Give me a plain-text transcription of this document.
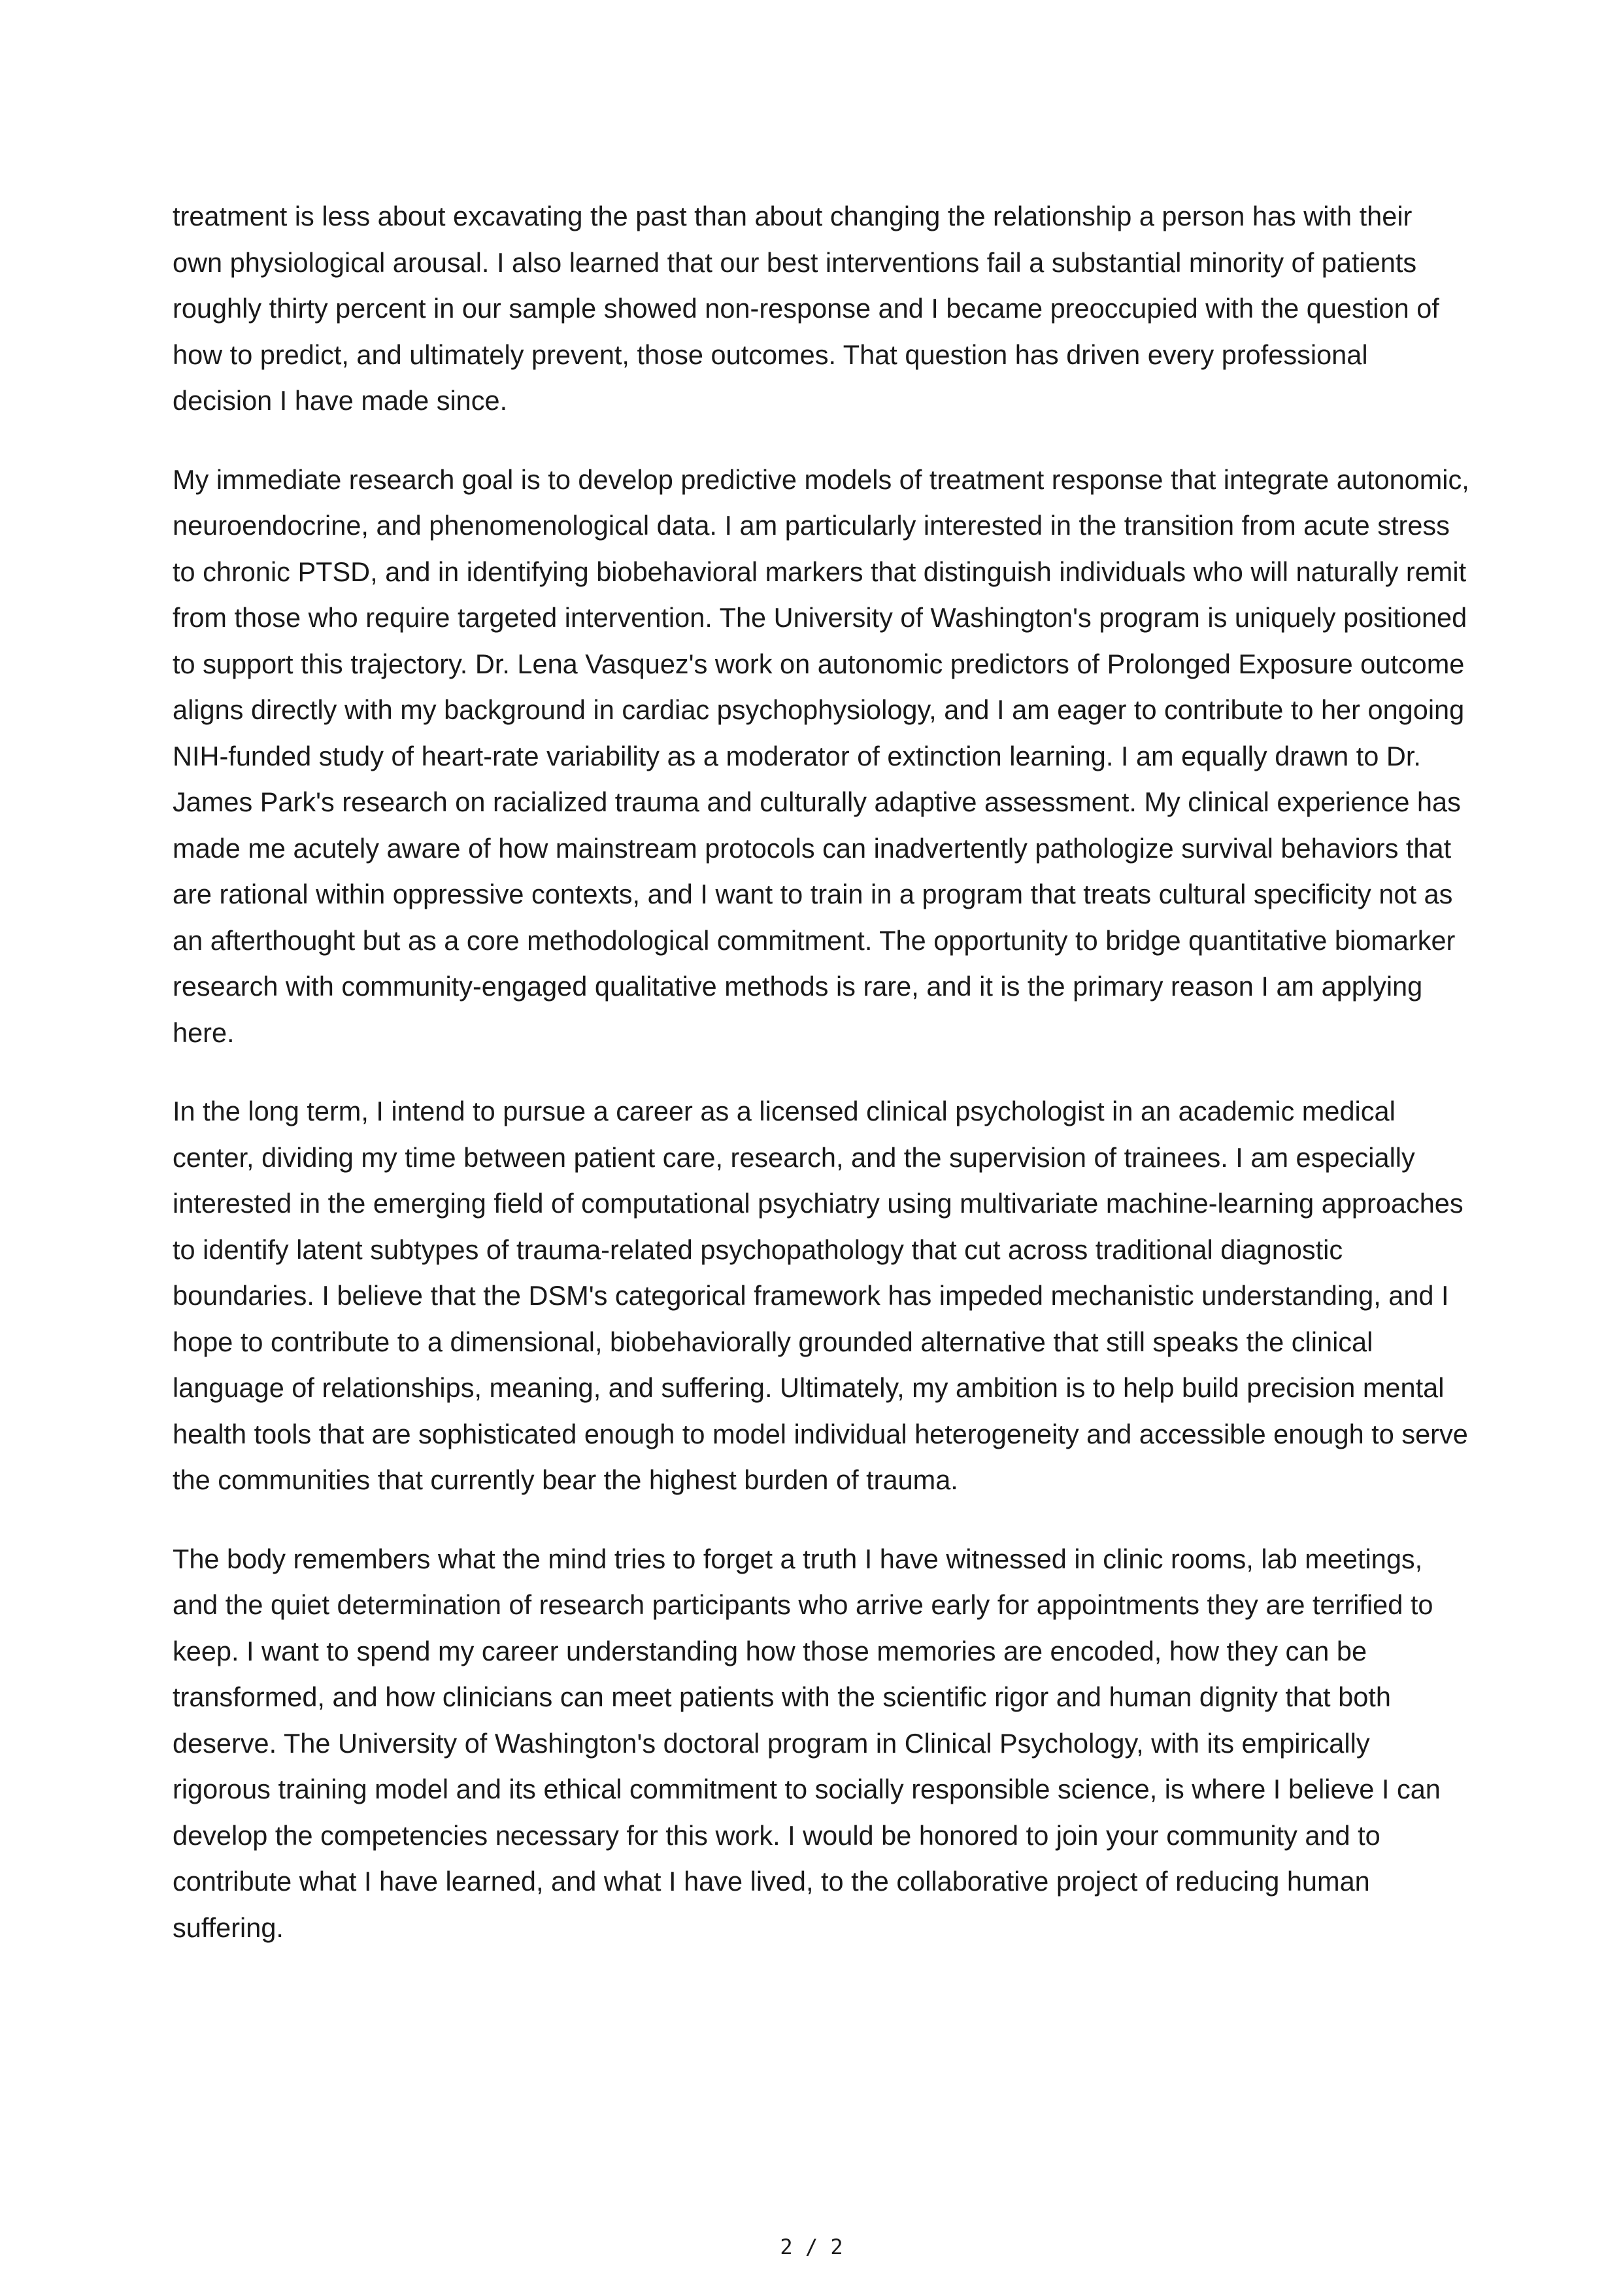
treatment is less about excavating the past than about changing the relationship a person has with their own physiological arousal. I also learned that our best interventions fail a substantial minority of patients roughly thirty percent in our sample showed non-response and I became preoccupied with the question of how to predict, and ultimately prevent, those outcomes. That question has driven every professional decision I have made since.

My immediate research goal is to develop predictive models of treatment response that integrate autonomic, neuroendocrine, and phenomenological data. I am particularly interested in the transition from acute stress to chronic PTSD, and in identifying biobehavioral markers that distinguish individuals who will naturally remit from those who require targeted intervention. The University of Washington's program is uniquely positioned to support this trajectory. Dr. Lena Vasquez's work on autonomic predictors of Prolonged Exposure outcome aligns directly with my background in cardiac psychophysiology, and I am eager to contribute to her ongoing NIH-funded study of heart-rate variability as a moderator of extinction learning. I am equally drawn to Dr. James Park's research on racialized trauma and culturally adaptive assessment. My clinical experience has made me acutely aware of how mainstream protocols can inadvertently pathologize survival behaviors that are rational within oppressive contexts, and I want to train in a program that treats cultural specificity not as an afterthought but as a core methodological commitment. The opportunity to bridge quantitative biomarker research with community-engaged qualitative methods is rare, and it is the primary reason I am applying here.

In the long term, I intend to pursue a career as a licensed clinical psychologist in an academic medical center, dividing my time between patient care, research, and the supervision of trainees. I am especially interested in the emerging field of computational psychiatry using multivariate machine-learning approaches to identify latent subtypes of trauma-related psychopathology that cut across traditional diagnostic boundaries. I believe that the DSM's categorical framework has impeded mechanistic understanding, and I hope to contribute to a dimensional, biobehaviorally grounded alternative that still speaks the clinical language of relationships, meaning, and suffering. Ultimately, my ambition is to help build precision mental health tools that are sophisticated enough to model individual heterogeneity and accessible enough to serve the communities that currently bear the highest burden of trauma.

The body remembers what the mind tries to forget a truth I have witnessed in clinic rooms, lab meetings, and the quiet determination of research participants who arrive early for appointments they are terrified to keep. I want to spend my career understanding how those memories are encoded, how they can be transformed, and how clinicians can meet patients with the scientific rigor and human dignity that both deserve. The University of Washington's doctoral program in Clinical Psychology, with its empirically rigorous training model and its ethical commitment to socially responsible science, is where I believe I can develop the competencies necessary for this work. I would be honored to join your community and to contribute what I have learned, and what I have lived, to the collaborative project of reducing human suffering.

2 / 2
